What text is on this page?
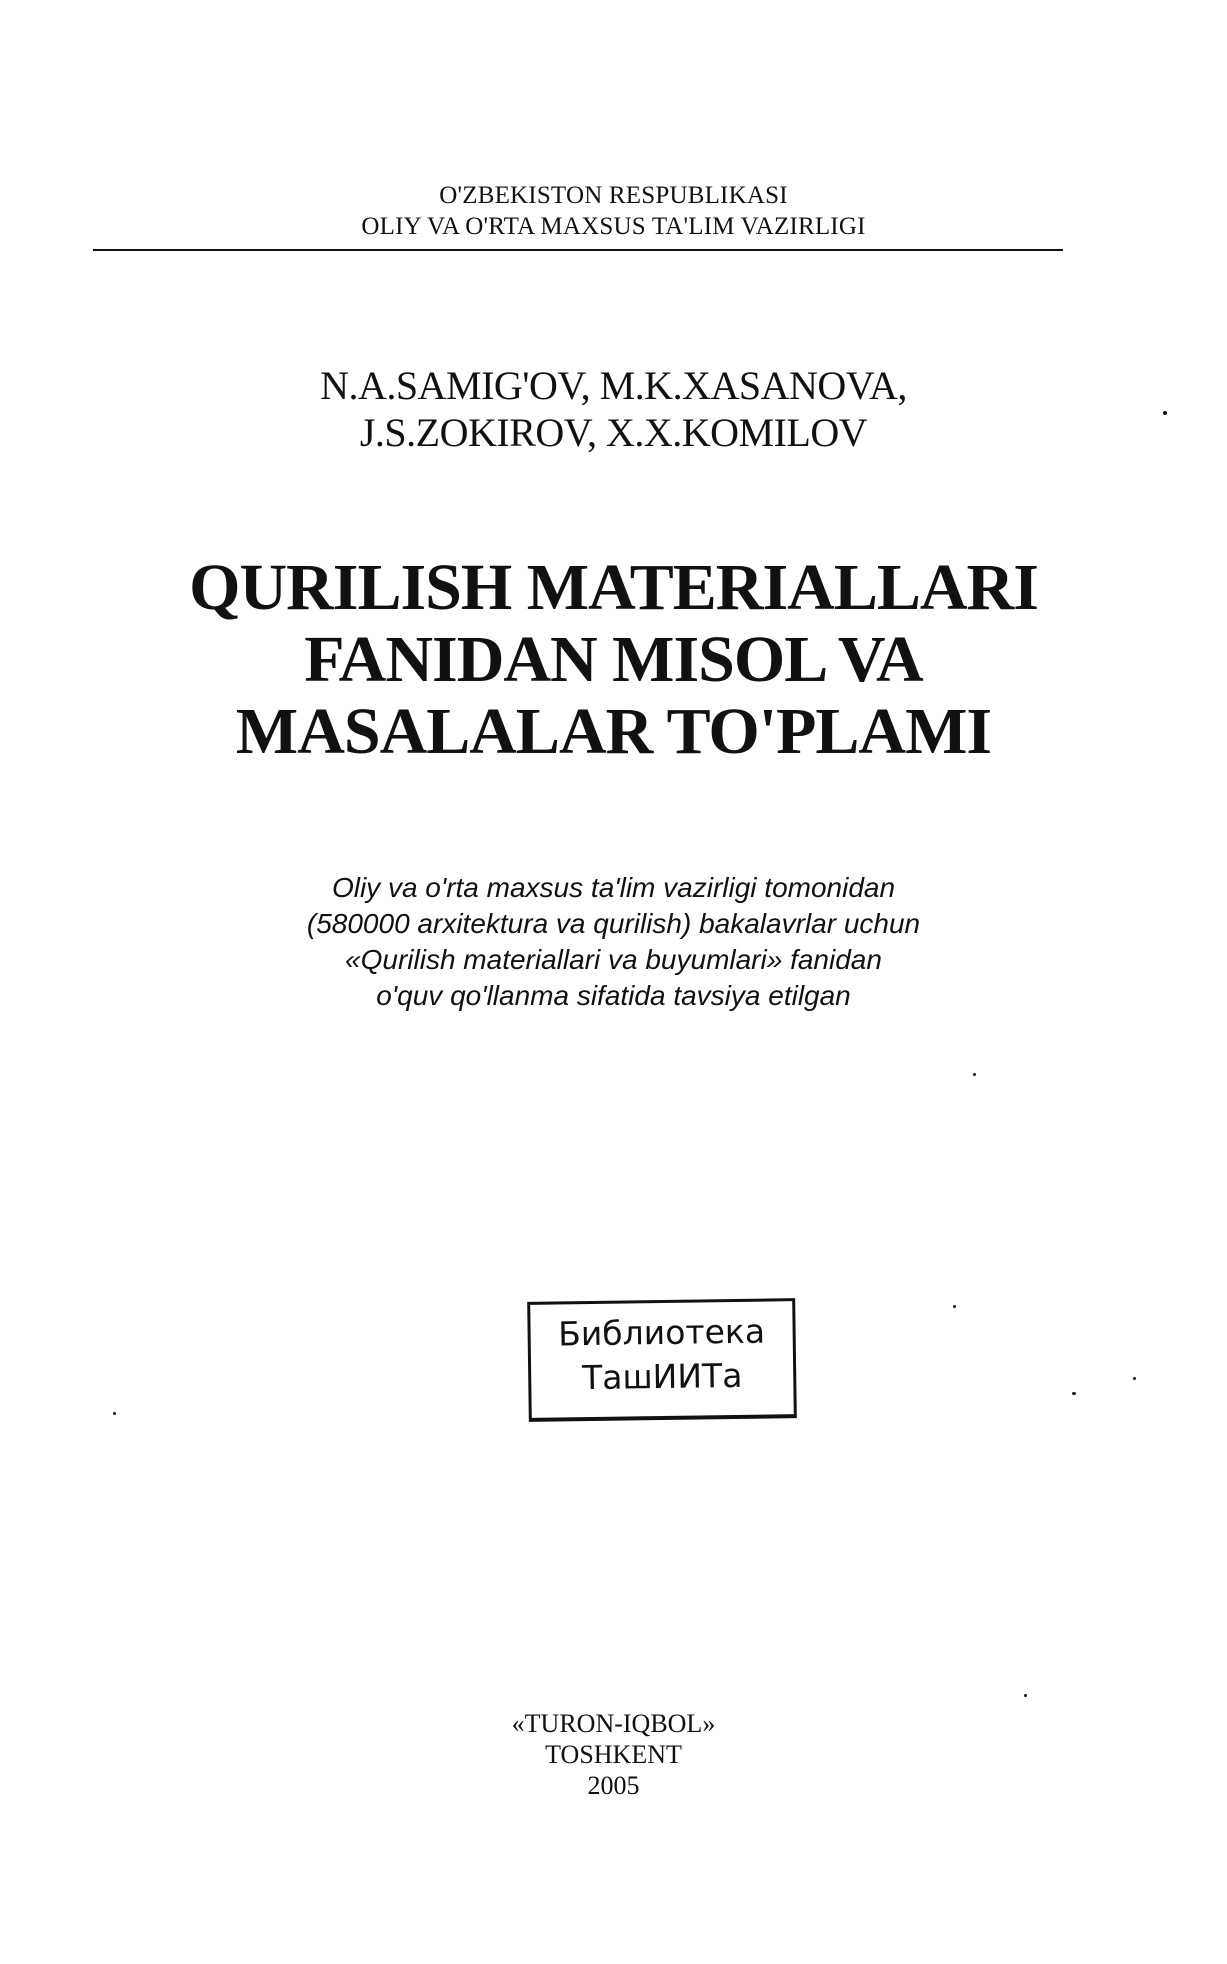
O'ZBEKISTON RESPUBLIKASI
OLIY VA O'RTA MAXSUS TA'LIM VAZIRLIGI
N.A.SAMIG'OV, M.K.XASANOVA,
J.S.ZOKIROV, X.X.KOMILOV
QURILISH MATERIALLARI
FANIDAN MISOL VA
MASALALAR TO'PLAMI
Oliy va o'rta maxsus ta'lim vazirligi tomonidan
(580000 arxitektura va qurilish) bakalavrlar uchun
«Qurilish materiallari va buyumlari» fanidan
o'quv qo'llanma sifatida tavsiya etilgan
Библиотека
ТашИИТа
«TURON-IQBOL»
TOSHKENT
2005
